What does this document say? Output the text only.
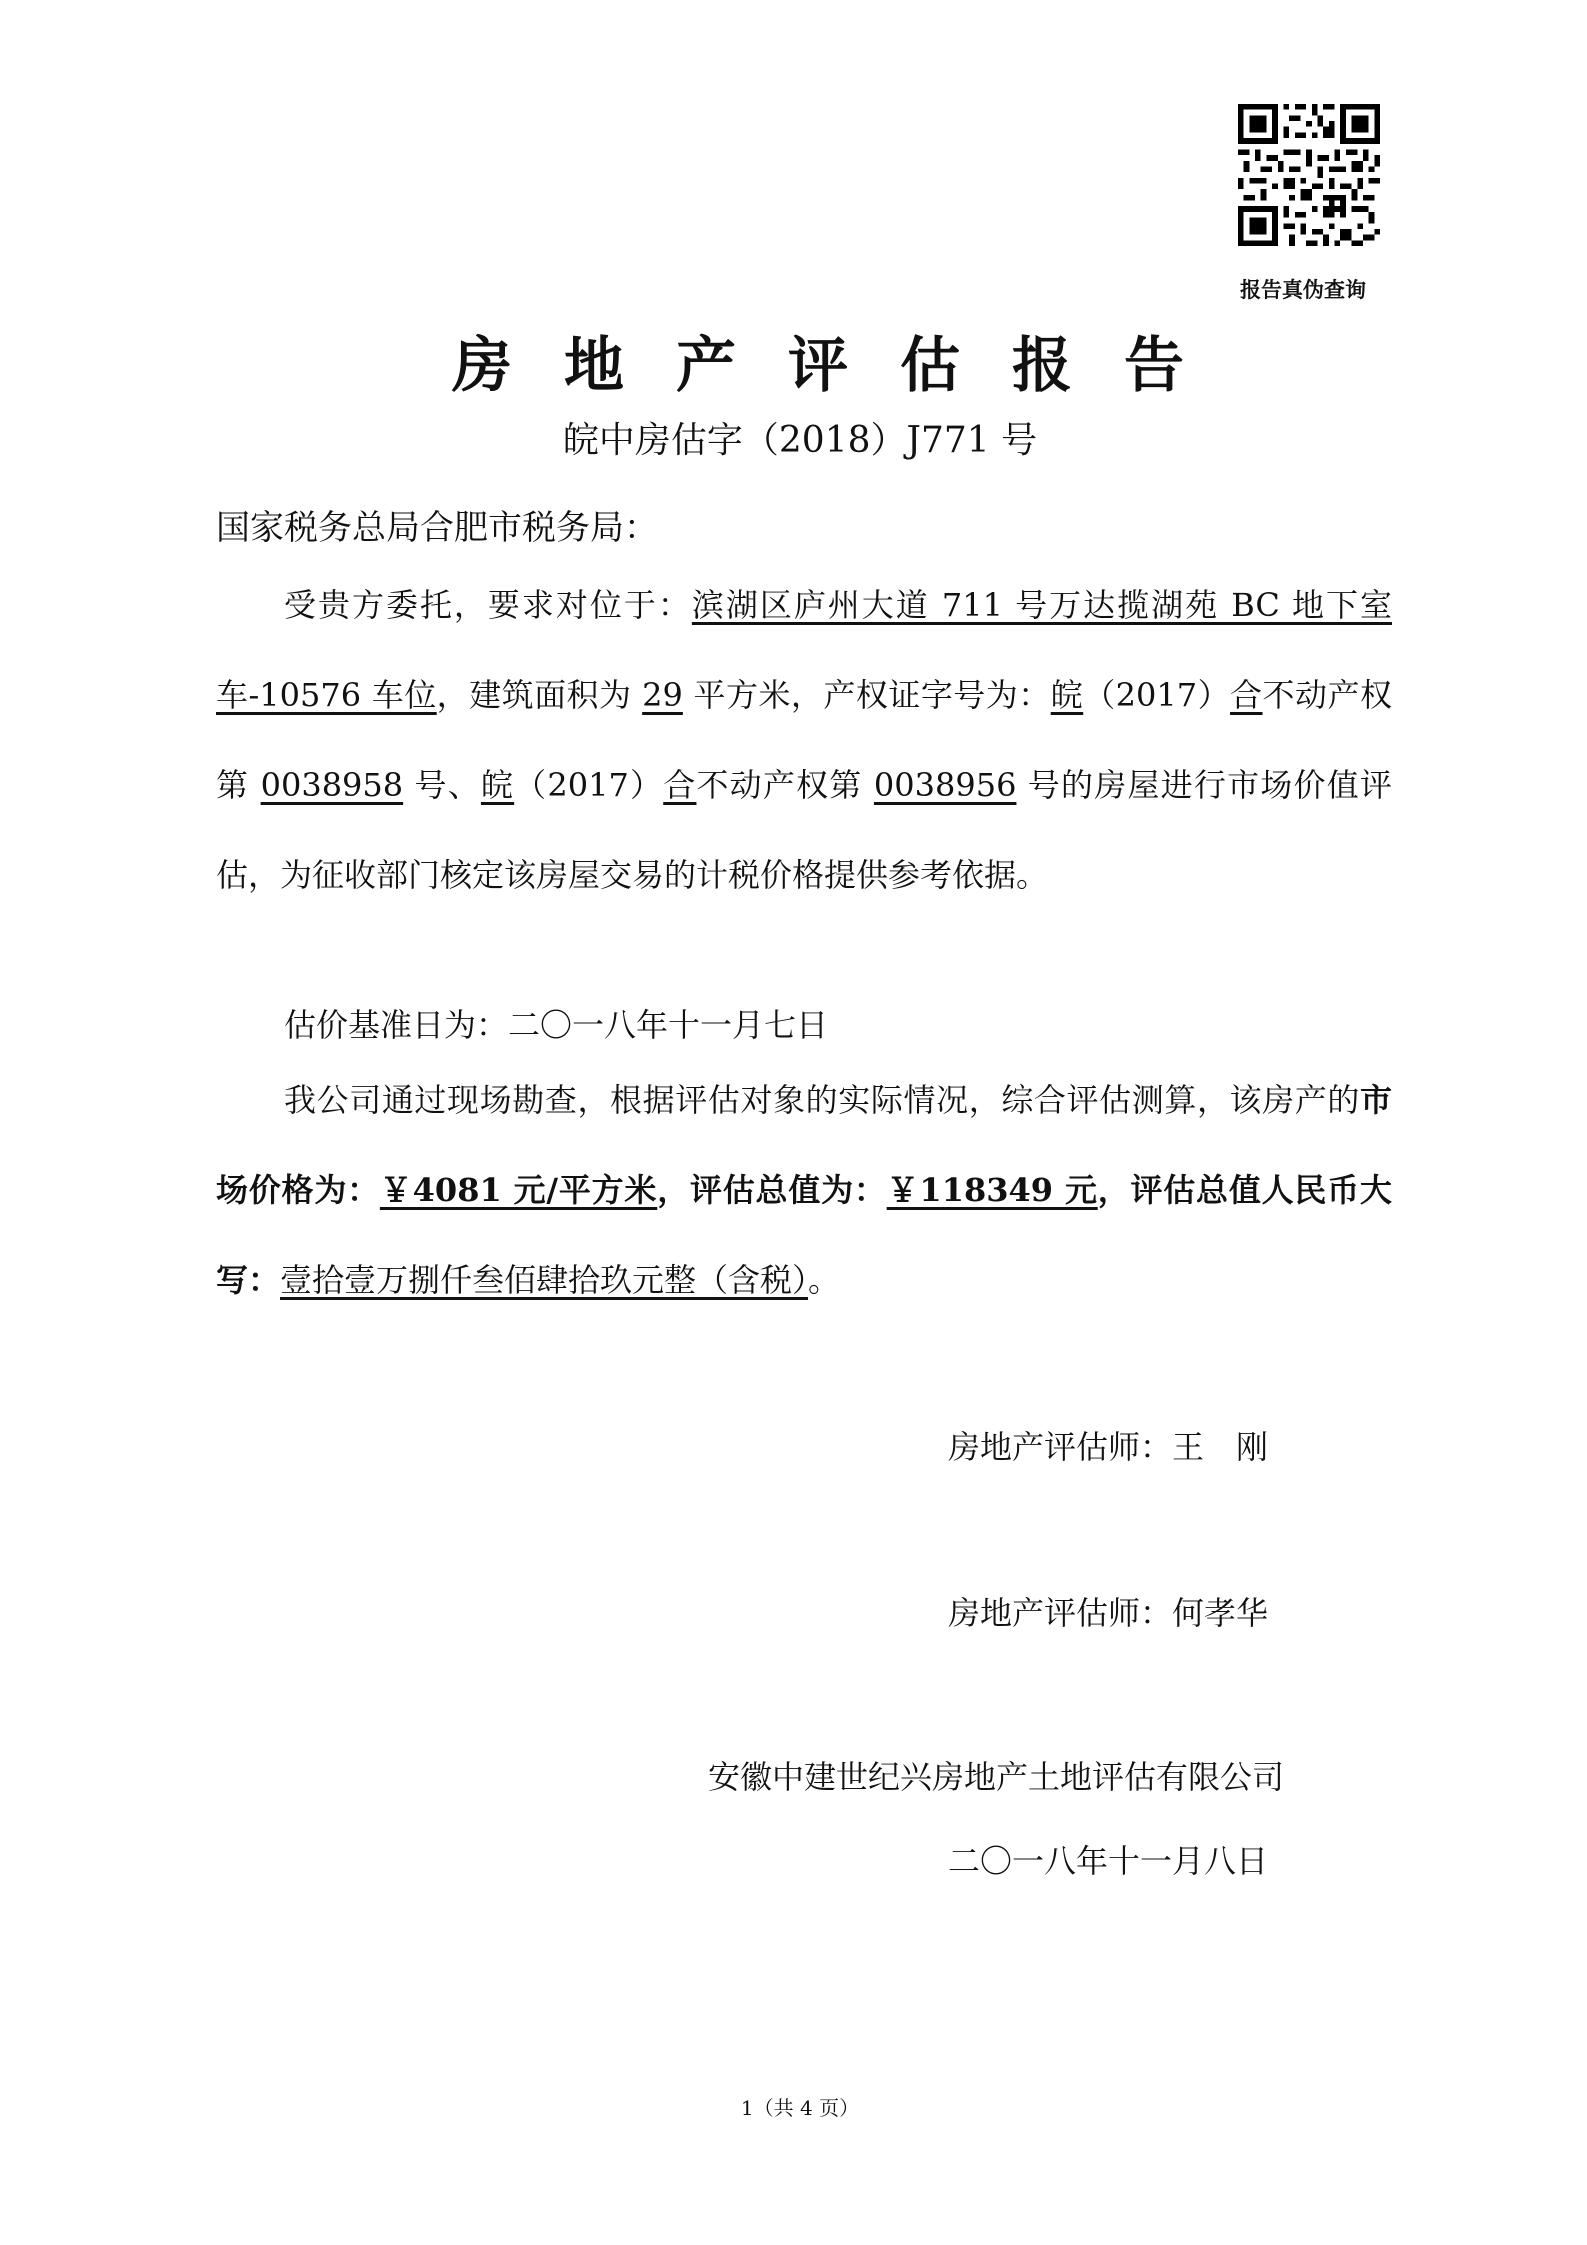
报告真伪查询
房地产评估报告
皖中房估字（2018）J771 号
国家税务总局合肥市税务局：

受贵方委托，要求对位于：滨湖区庐州大道 711 号万达揽湖苑 BC 地下室车-10576 车位，建筑面积为 29 平方米，产权证字号为：皖（2017）合不动产权第 0038958 号、皖（2017）合不动产权第 0038956 号的房屋进行市场价值评估，为征收部门核定该房屋交易的计税价格提供参考依据。

估价基准日为：二〇一八年十一月七日

我公司通过现场勘查，根据评估对象的实际情况，综合评估测算，该房产的市场价格为：￥4081 元/平方米，评估总值为：￥118349 元，评估总值人民币大写：壹拾壹万捌仟叁佰肆拾玖元整（含税）。

房地产评估师：王　刚
房地产评估师：何孝华
安徽中建世纪兴房地产土地评估有限公司
二〇一八年十一月八日
1（共 4 页）
